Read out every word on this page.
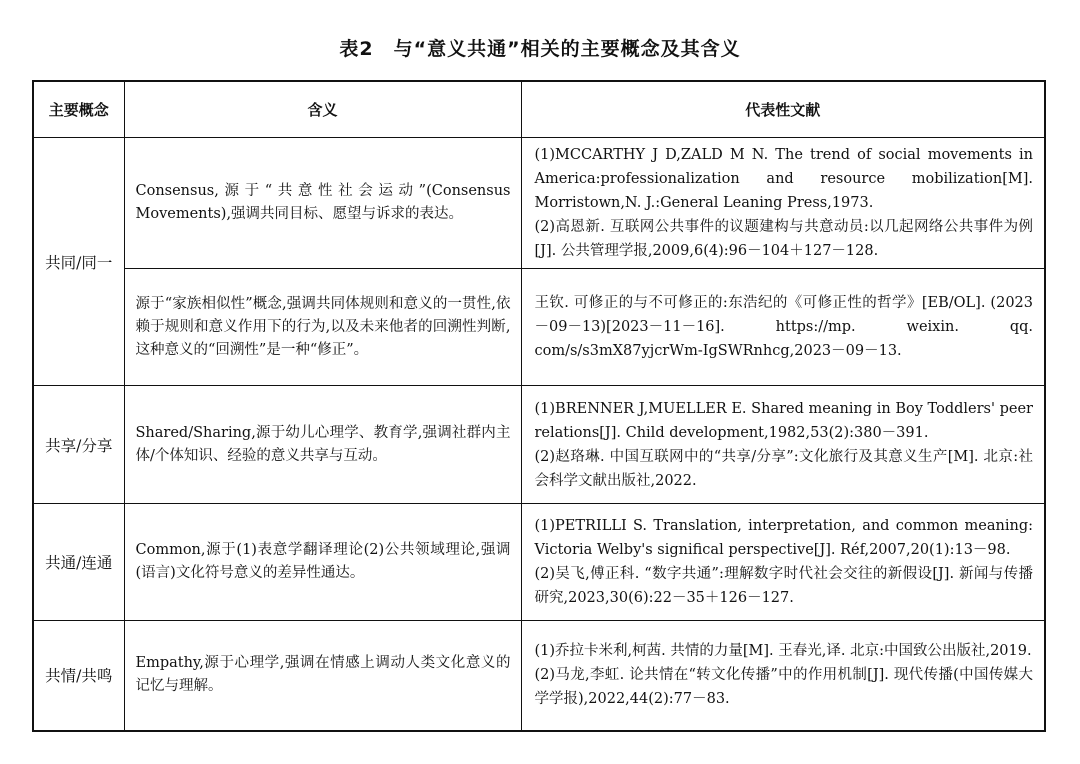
表2　与“意义共通”相关的主要概念及其含义
主要概念	含义	代表性文献
共同/同一	Consensus,源于“共意性社会运动”(Consensus Movements),强调共同目标、愿望与诉求的表达。	(1)MCCARTHY J D,ZALD M N. The trend of social movements in America:professionalization and resource mobilization[M]. Morristown,N. J.:General Leaning Press,1973.
(2)高恩新. 互联网公共事件的议题建构与共意动员:以几起网络公共事件为例[J]. 公共管理学报,2009,6(4):96－104＋127－128.

	源于“家族相似性”概念,强调共同体规则和意义的一贯性,依赖于规则和意义作用下的行为,以及未来他者的回溯性判断,这种意义的“回溯性”是一种“修正”。	王钦. 可修正的与不可修正的:东浩纪的《可修正性的哲学》[EB/OL]. (2023－09－13)[2023－11－16]. https://mp. weixin. qq. com/s/s3mX87yjcrWm-IgSWRnhcg,2023－09－13.

共享/分享	Shared/Sharing,源于幼儿心理学、教育学,强调社群内主体/个体知识、经验的意义共享与互动。	(1)BRENNER J,MUELLER E. Shared meaning in Boy Toddlers' peer relations[J]. Child development,1982,53(2):380－391.
(2)赵珞琳. 中国互联网中的“共享/分享”:文化旅行及其意义生产[M]. 北京:社会科学文献出版社,2022.

共通/连通	Common,源于(1)表意学翻译理论(2)公共领域理论,强调(语言)文化符号意义的差异性通达。	(1)PETRILLI S. Translation, interpretation, and common meaning: Victoria Welby's significal perspective[J]. Réf,2007,20(1):13－98.
(2)吴飞,傅正科. “数字共通”:理解数字时代社会交往的新假设[J]. 新闻与传播研究,2023,30(6):22－35＋126－127.

共情/共鸣	Empathy,源于心理学,强调在情感上调动人类文化意义的记忆与理解。	(1)乔拉卡米利,柯茜. 共情的力量[M]. 王春光,译. 北京:中国致公出版社,2019.
(2)马龙,李虹. 论共情在“转文化传播”中的作用机制[J]. 现代传播(中国传媒大学学报),2022,44(2):77－83.
